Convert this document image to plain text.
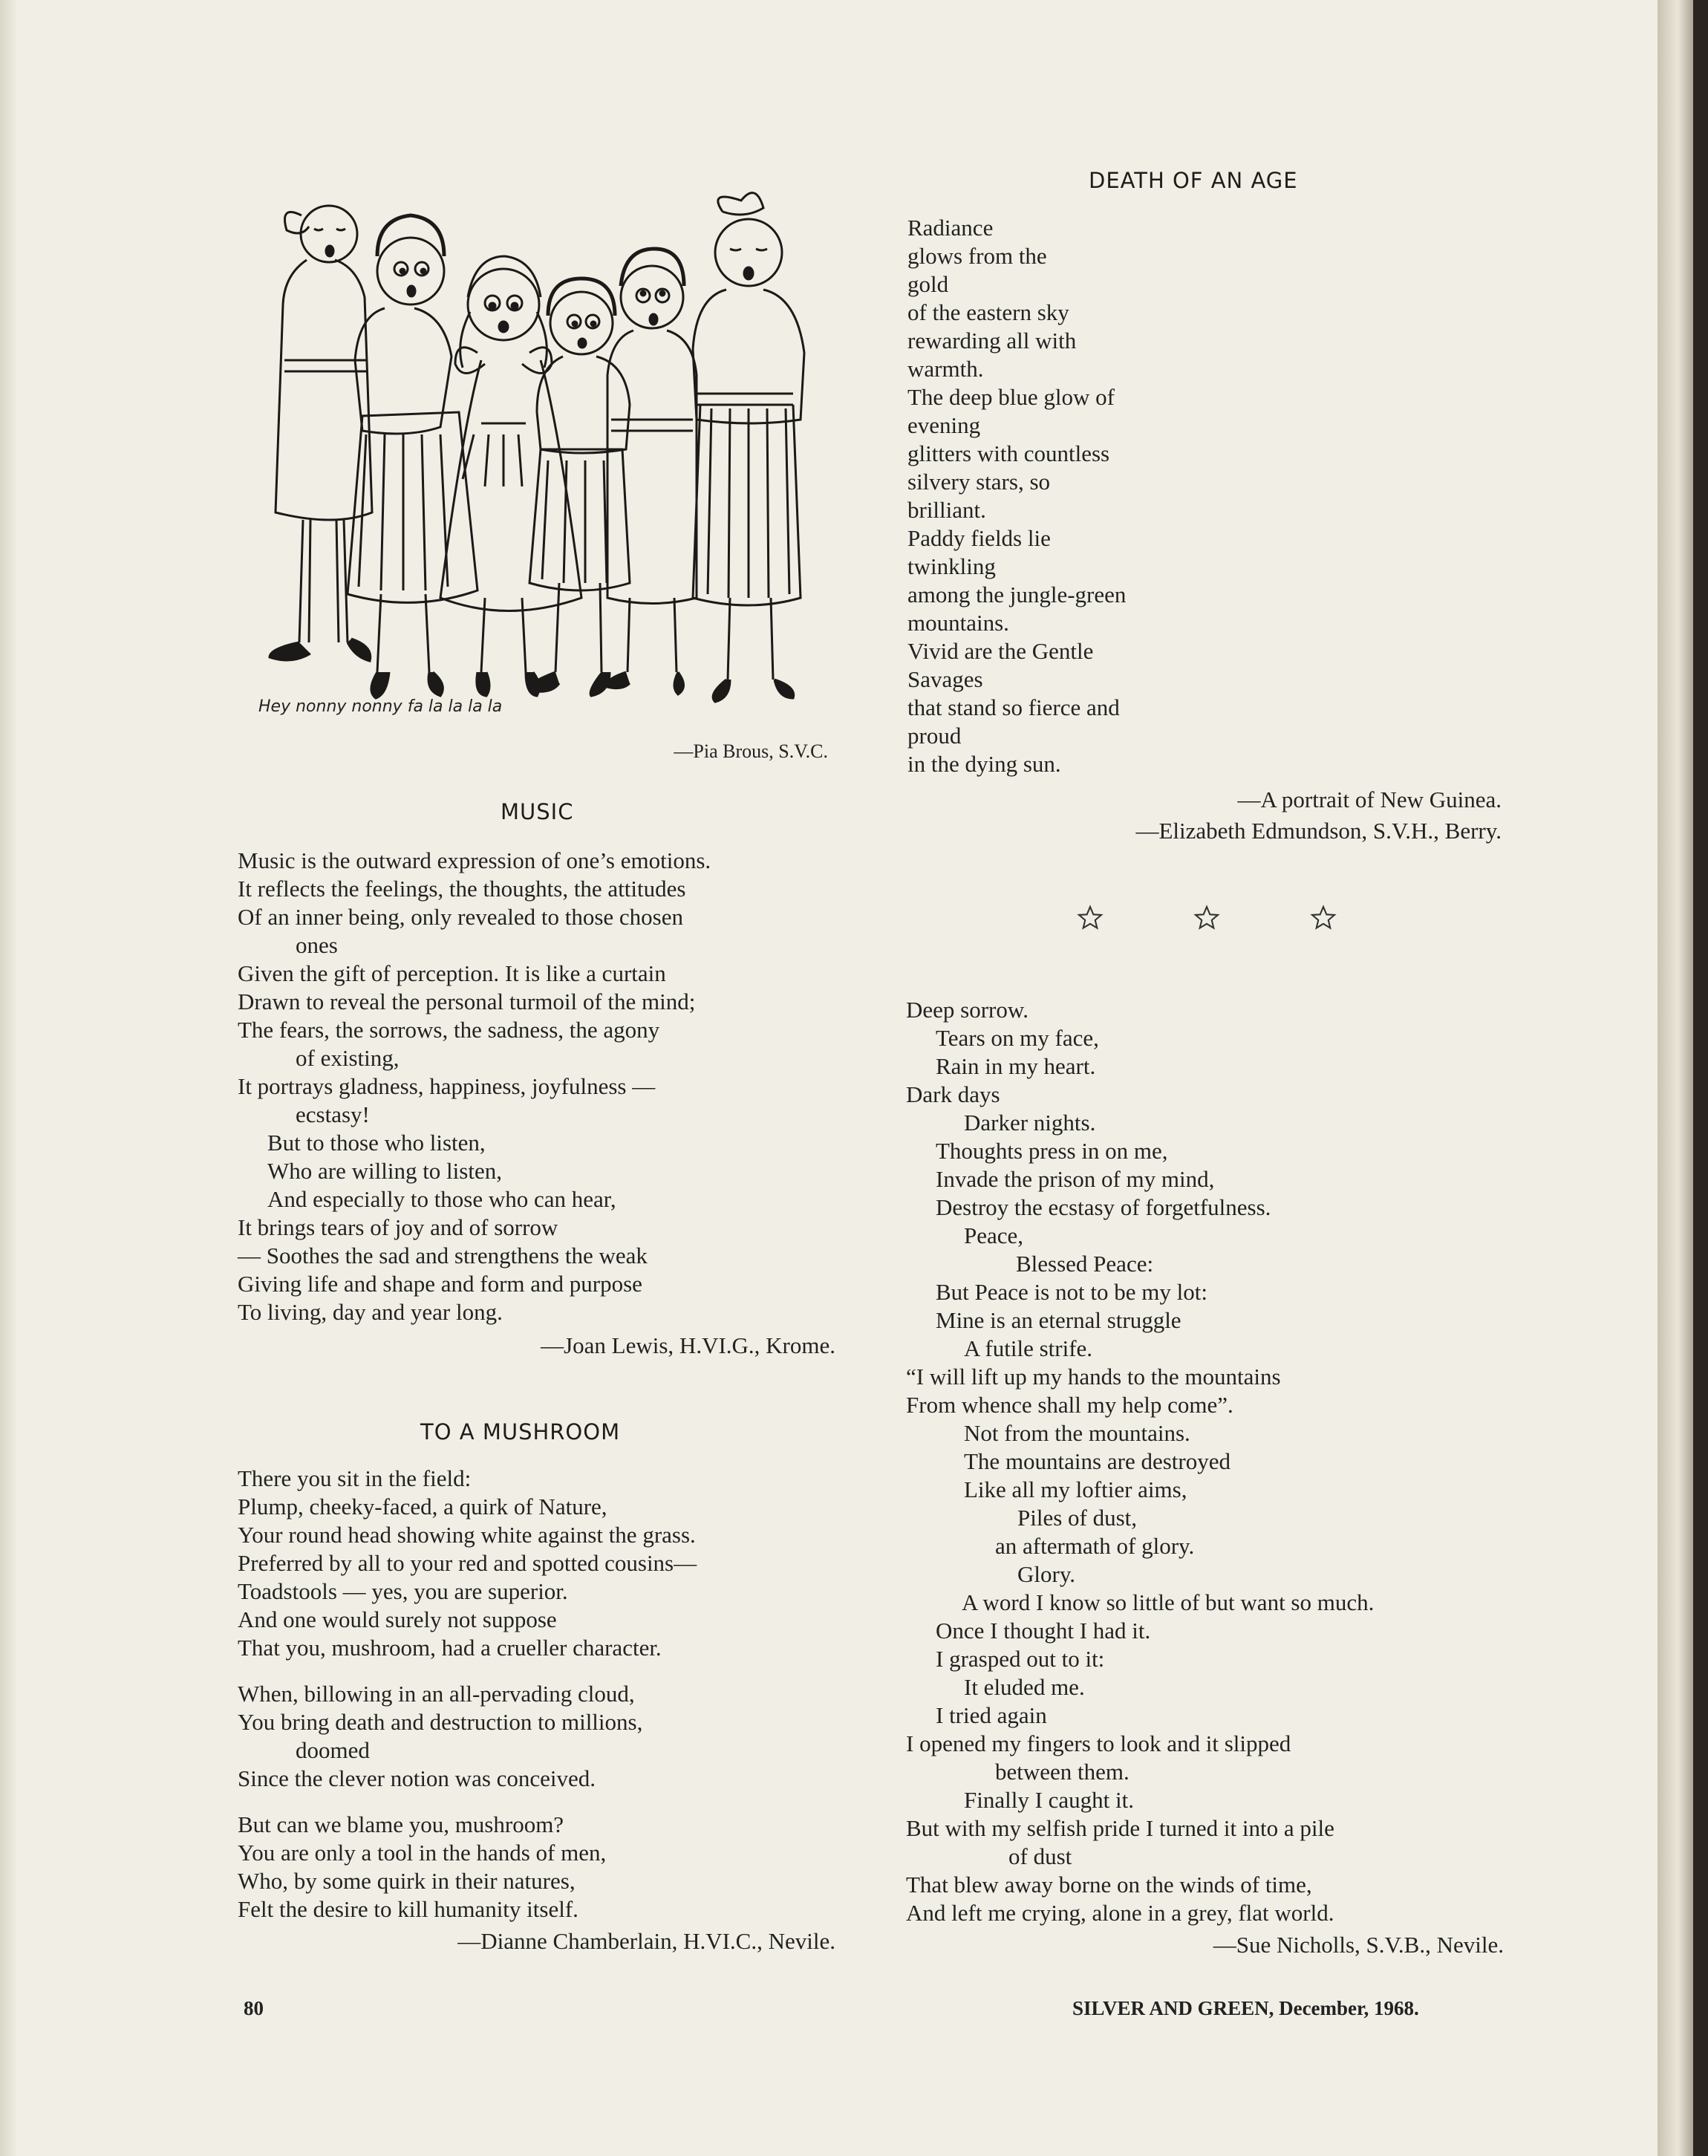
Hey nonny nonny fa la la la la
—Pia Brous, S.V.C.
MUSIC
Music is the outward expression of one’s emotions.
It reflects the feelings, the thoughts, the attitudes
Of an inner being, only revealed to those chosen
ones
Given the gift of perception. It is like a curtain
Drawn to reveal the personal turmoil of the mind;
The fears, the sorrows, the sadness, the agony
of existing,
It portrays gladness, happiness, joyfulness —
ecstasy!
But to those who listen,
Who are willing to listen,
And especially to those who can hear,
It brings tears of joy and of sorrow
— Soothes the sad and strengthens the weak
Giving life and shape and form and purpose
To living, day and year long.
—Joan Lewis, H.VI.G., Krome.
TO A MUSHROOM
There you sit in the field:
Plump, cheeky-faced, a quirk of Nature,
Your round head showing white against the grass.
Preferred by all to your red and spotted cousins—
Toadstools — yes, you are superior.
And one would surely not suppose
That you, mushroom, had a crueller character.
When, billowing in an all-pervading cloud,
You bring death and destruction to millions,
doomed
Since the clever notion was conceived.
But can we blame you, mushroom?
You are only a tool in the hands of men,
Who, by some quirk in their natures,
Felt the desire to kill humanity itself.
—Dianne Chamberlain, H.VI.C., Nevile.
DEATH OF AN AGE
Radiance
glows from the
gold
of the eastern sky
rewarding all with
warmth.
The deep blue glow of
evening
glitters with countless
silvery stars, so
brilliant.
Paddy fields lie
twinkling
among the jungle-green
mountains.
Vivid are the Gentle
Savages
that stand so fierce and
proud
in the dying sun.
—A portrait of New Guinea.
—Elizabeth Edmundson, S.V.H., Berry.
Deep sorrow.
Tears on my face,
Rain in my heart.
Dark days
Darker nights.
Thoughts press in on me,
Invade the prison of my mind,
Destroy the ecstasy of forgetfulness.
Peace,
Blessed Peace:
But Peace is not to be my lot:
Mine is an eternal struggle
A futile strife.
“I will lift up my hands to the mountains
From whence shall my help come”.
Not from the mountains.
The mountains are destroyed
Like all my loftier aims,
Piles of dust,
an aftermath of glory.
Glory.
A word I know so little of but want so much.
Once I thought I had it.
I grasped out to it:
It eluded me.
I tried again
I opened my fingers to look and it slipped
between them.
Finally I caught it.
But with my selfish pride I turned it into a pile
of dust
That blew away borne on the winds of time,
And left me crying, alone in a grey, flat world.
—Sue Nicholls, S.V.B., Nevile.
80	SILVER AND GREEN, December, 1968.
